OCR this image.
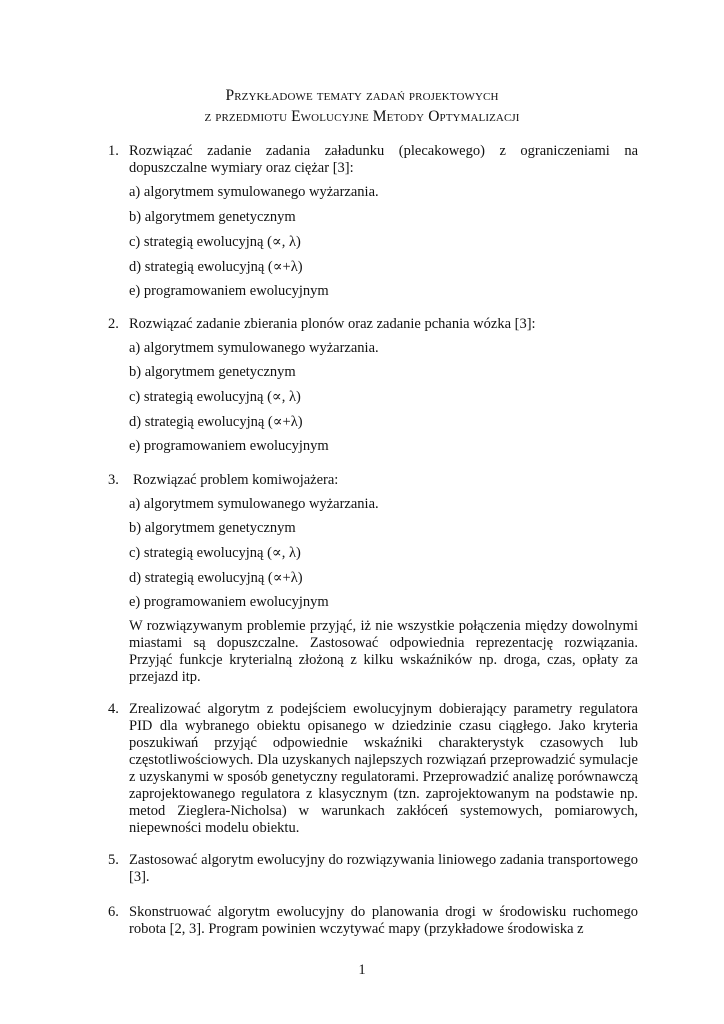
Przykładowe tematy zadań projektowych
z przedmiotu Ewolucyjne Metody Optymalizacji
1. Rozwiązać zadanie zadania załadunku (plecakowego) z ograniczeniami na dopuszczalne wymiary oraz ciężar [3]:
a) algorytmem symulowanego wyżarzania.
b) algorytmem genetycznym
c) strategią ewolucyjną (∝, λ)
d) strategią ewolucyjną (∝+λ)
e) programowaniem ewolucyjnym
2. Rozwiązać zadanie zbierania plonów oraz zadanie pchania wózka [3]:
a) algorytmem symulowanego wyżarzania.
b) algorytmem genetycznym
c) strategią ewolucyjną (∝, λ)
d) strategią ewolucyjną (∝+λ)
e) programowaniem ewolucyjnym
3. Rozwiązać problem komiwojażera:
a) algorytmem symulowanego wyżarzania.
b) algorytmem genetycznym
c) strategią ewolucyjną (∝, λ)
d) strategią ewolucyjną (∝+λ)
e) programowaniem ewolucyjnym
W rozwiązywanym problemie przyjąć, iż nie wszystkie połączenia między dowolnymi miastami są dopuszczalne. Zastosować odpowiednia reprezentację rozwiązania. Przyjąć funkcje kryterialną złożoną z kilku wskaźników np. droga, czas, opłaty za przejazd itp.
4. Zrealizować algorytm z podejściem ewolucyjnym dobierający parametry regulatora PID dla wybranego obiektu opisanego w dziedzinie czasu ciągłego. Jako kryteria poszukiwań przyjąć odpowiednie wskaźniki charakterystyk czasowych lub częstotliwościowych. Dla uzyskanych najlepszych rozwiązań przeprowadzić symulacje z uzyskanymi w sposób genetyczny regulatorami. Przeprowadzić analizę porównawczą zaprojektowanego regulatora z klasycznym (tzn. zaprojektowanym na podstawie np. metod Zieglera-Nicholsa) w warunkach zakłóceń systemowych, pomiarowych, niepewności modelu obiektu.
5. Zastosować algorytm ewolucyjny do rozwiązywania liniowego zadania transportowego [3].
6. Skonstruować algorytm ewolucyjny do planowania drogi w środowisku ruchomego robota [2, 3]. Program powinien wczytywać mapy (przykładowe środowiska z
1
